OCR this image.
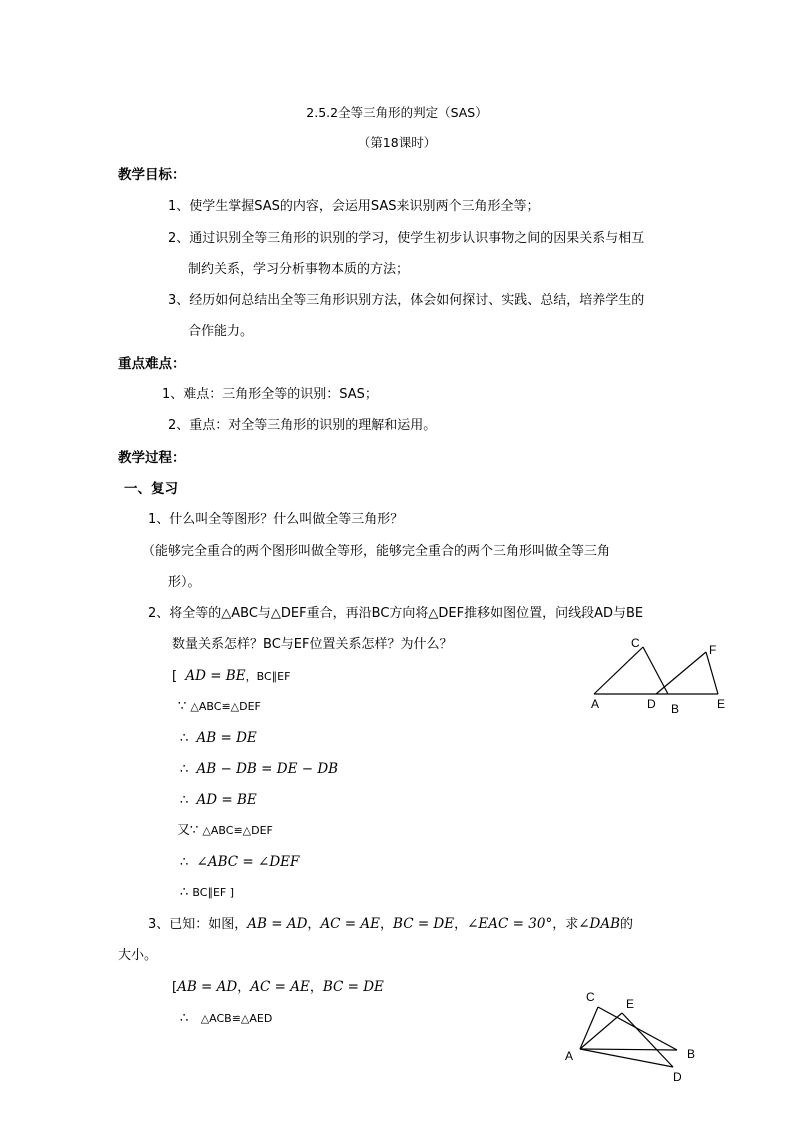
2.5.2全等三角形的判定（SAS）
（第18课时）
教学目标：
1、使学生掌握SAS的内容，会运用SAS来识别两个三角形全等；
2、通过识别全等三角形的识别的学习，使学生初步认识事物之间的因果关系与相互
制约关系，学习分析事物本质的方法；
3、经历如何总结出全等三角形识别方法，体会如何探讨、实践、总结，培养学生的
合作能力。
重点难点：
1、难点：三角形全等的识别：SAS；
2、重点：对全等三角形的识别的理解和运用。
教学过程：
一、复习
1、什么叫全等图形？什么叫做全等三角形？
（能够完全重合的两个图形叫做全等形，能够完全重合的两个三角形叫做全等三角
形）。
2、将全等的△ABC与△DEF重合，再沿BC方向将△DEF推移如图位置，问线段AD与BE
数量关系怎样？BC与EF位置关系怎样？为什么？
[ AD = BE，BC∥EF
∵ △ABC≌△DEF
∴ AB = DE
∴ AB − DB = DE − DB
∴ AD = BE
又∵ △ABC≌△DEF
∴ ∠ABC = ∠DEF
∴ BC∥EF ]
3、已知：如图，AB = AD，AC = AE，BC = DE，∠EAC = 30°，求∠DAB的
大小。
[AB = AD，AC = AE，BC = DE
∴ △ACB≌△AED
A
C
D B
F
E
C	E
A	B
D
